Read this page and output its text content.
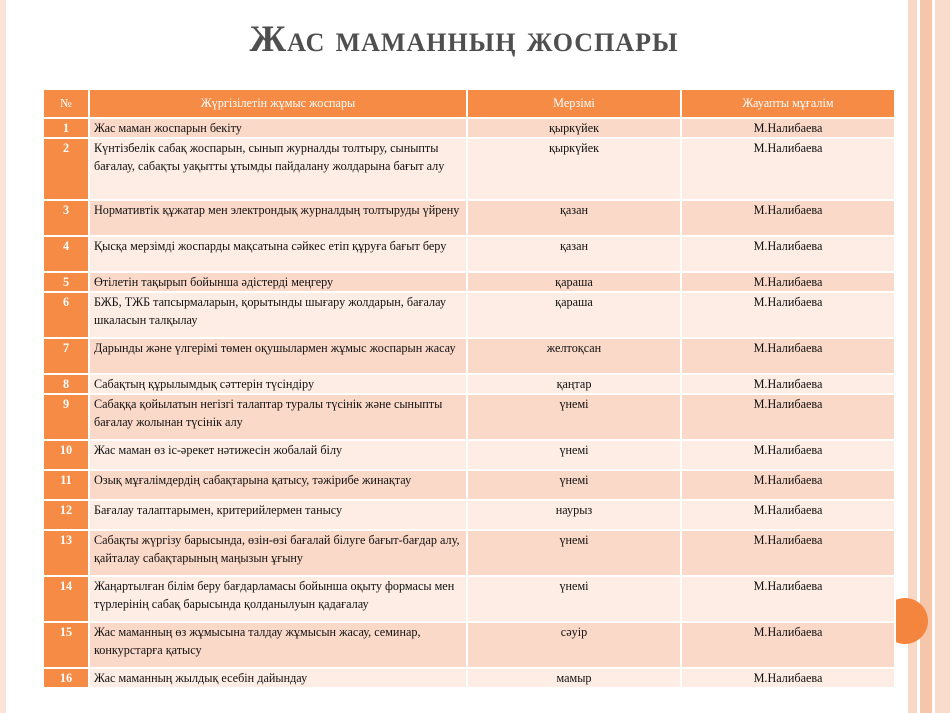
Жас маманның жоспары
№	Жүргізілетін жұмыс жоспары	Мерзімі	Жауапты мұғалім
1	Жас маман жоспарын бекіту	қыркүйек	М.Налибаева
2	Күнтізбелік сабақ жоспарын, сынып журналды толтыру, сыныпты бағалау, сабақты уақытты ұтымды пайдалану жолдарына бағыт алу	қыркүйек	М.Налибаева
3	Нормативтік құжатар мен электрондық журналдың толтыруды үйрену	қазан	М.Налибаева
4	Қысқа мерзімді жоспарды мақсатына сәйкес етіп құруға бағыт беру	қазан	М.Налибаева
5	Өтілетін тақырып бойынша әдістерді меңгеру	қараша	М.Налибаева
6	БЖБ, ТЖБ тапсырмаларын, қорытынды шығару жолдарын, бағалау шкаласын талқылау	қараша	М.Налибаева
7	Дарынды және үлгерімі төмен оқушылармен жұмыс жоспарын жасау	желтоқсан	М.Налибаева
8	Сабақтың құрылымдық сәттерін түсіндіру	қаңтар	М.Налибаева
9	Сабаққа қойылатын негізгі талаптар туралы түсінік және сыныпты бағалау жолынан түсінік алу	үнемі	М.Налибаева
10	Жас маман өз іс-әрекет нәтижесін жобалай білу	үнемі	М.Налибаева
11	Озық мұғалімдердің сабақтарына қатысу, тәжірибе жинақтау	үнемі	М.Налибаева
12	Бағалау талаптарымен, критерийлермен танысу	наурыз	М.Налибаева
13	Сабақты жүргізу барысында, өзін-өзі бағалай білуге бағыт-бағдар алу, қайталау сабақтарының маңызын ұғыну	үнемі	М.Налибаева
14	Жаңартылған білім беру бағдарламасы бойынша оқыту формасы мен түрлерінің сабақ барысында қолданылуын қадағалау	үнемі	М.Налибаева
15	Жас маманның өз жұмысына талдау жұмысын жасау, семинар, конкурстарға қатысу	сәуір	М.Налибаева
16	Жас маманның жылдық есебін дайындау	мамыр	М.Налибаева
